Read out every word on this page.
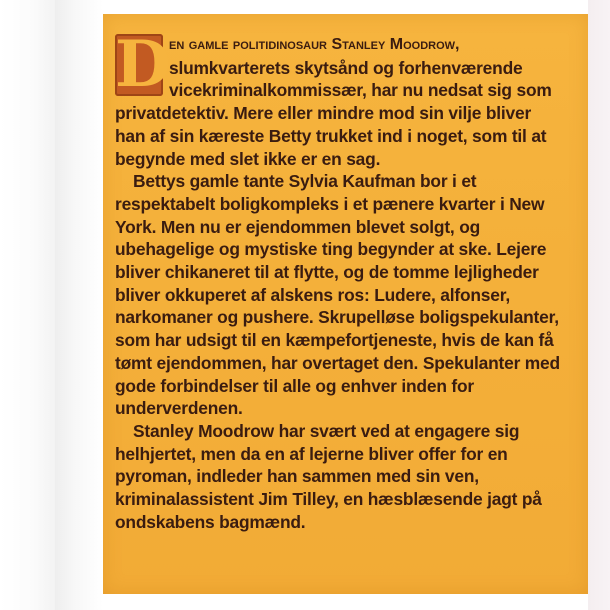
D
en gamle politidinosaur Stanley Moodrow, slumkvarterets skytsånd og forhenværende vicekriminalkommissær, har nu nedsat sig som privatdetektiv. Mere eller mindre mod sin vilje bliver han af sin kæreste Betty trukket ind i noget, som til at begynde med slet ikke er en sag.

Bettys gamle tante Sylvia Kaufman bor i et respektabelt boligkompleks i et pænere kvarter i New York. Men nu er ejendommen blevet solgt, og ubehagelige og mystiske ting begynder at ske. Lejere bliver chikaneret til at flytte, og de tomme lejligheder bliver okkuperet af alskens ros: Ludere, alfonser, narkomaner og pushere. Skrupelløse boligspekulanter, som har udsigt til en kæmpefortjeneste, hvis de kan få tømt ejendommen, har overtaget den. Spekulanter med gode forbindelser til alle og enhver inden for underverdenen.

Stanley Moodrow har svært ved at engagere sig helhjertet, men da en af lejerne bliver offer for en pyroman, indleder han sammen med sin ven, kriminalassistent Jim Tilley, en hæsblæsende jagt på ondskabens bagmænd.
